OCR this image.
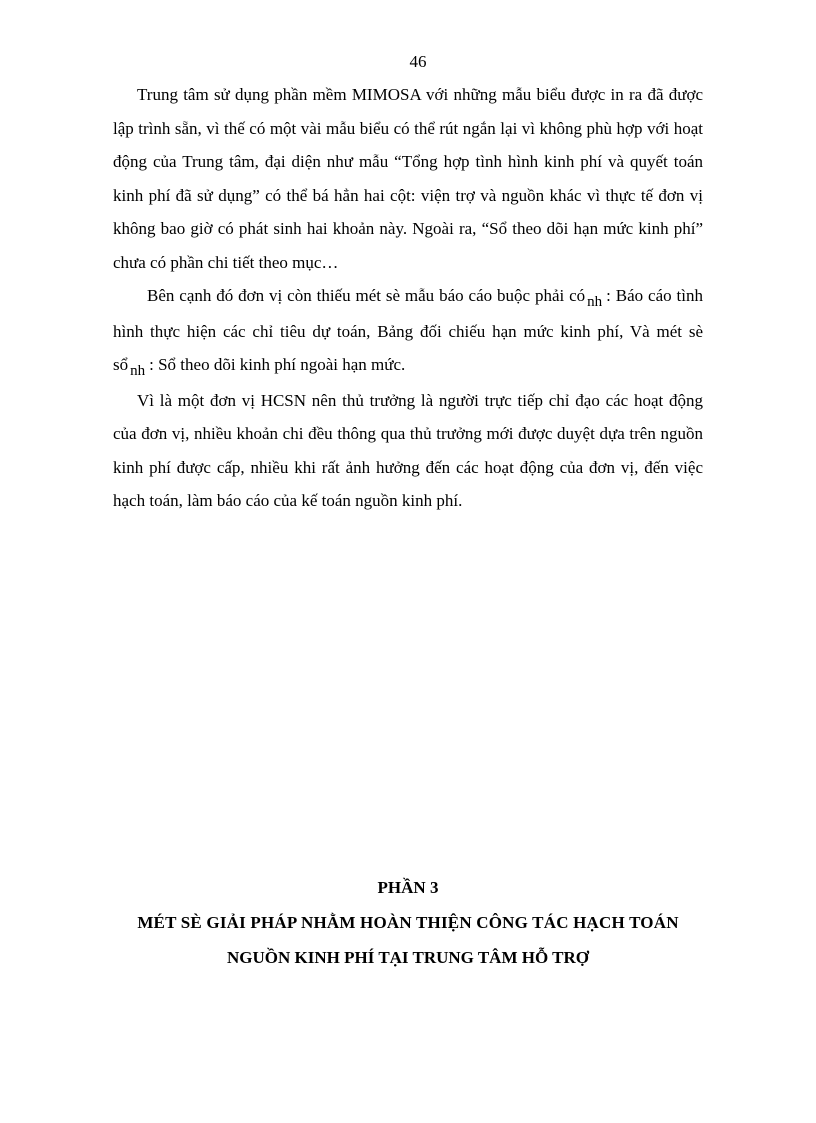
46

Trung tâm sử dụng phần mềm MIMOSA với những mẫu biểu được in ra đã được lập trình sẵn, vì thế có một vài mẫu biểu có thể rút ngắn lại vì không phù hợp với hoạt động của Trung tâm, đại diện như mẫu “Tổng hợp tình hình kinh phí và quyết toán kinh phí đã sử dụng” có thể bá hẳn hai cột: viện trợ và nguồn khác vì thực tế đơn vị không bao giờ có phát sinh hai khoản này. Ngoài ra, “Sổ theo dõi hạn mức kinh phí” chưa có phần chi tiết theo mục…

Bên cạnh đó đơn vị còn thiếu mét sè mẫu báo cáo buộc phải có nh : Báo cáo tình hình thực hiện các chỉ tiêu dự toán, Bảng đối chiếu hạn mức kinh phí, Và mét sè sổ nh : Sổ theo dõi kinh phí ngoài hạn mức.

Vì là một đơn vị HCSN nên thủ trưởng là người trực tiếp chỉ đạo các hoạt động của đơn vị, nhiều khoản chi đều thông qua thủ trưởng mới được duyệt dựa trên nguồn kinh phí được cấp, nhiều khi rất ảnh hưởng đến các hoạt động của đơn vị, đến việc hạch toán, làm báo cáo của kế toán nguồn kinh phí.

PHẦN 3
MÉT SÈ GIẢI PHÁP NHẰM HOÀN THIỆN CÔNG TÁC HẠCH TOÁN
NGUỒN KINH PHÍ TẠI TRUNG TÂM HỖ TRỢ
